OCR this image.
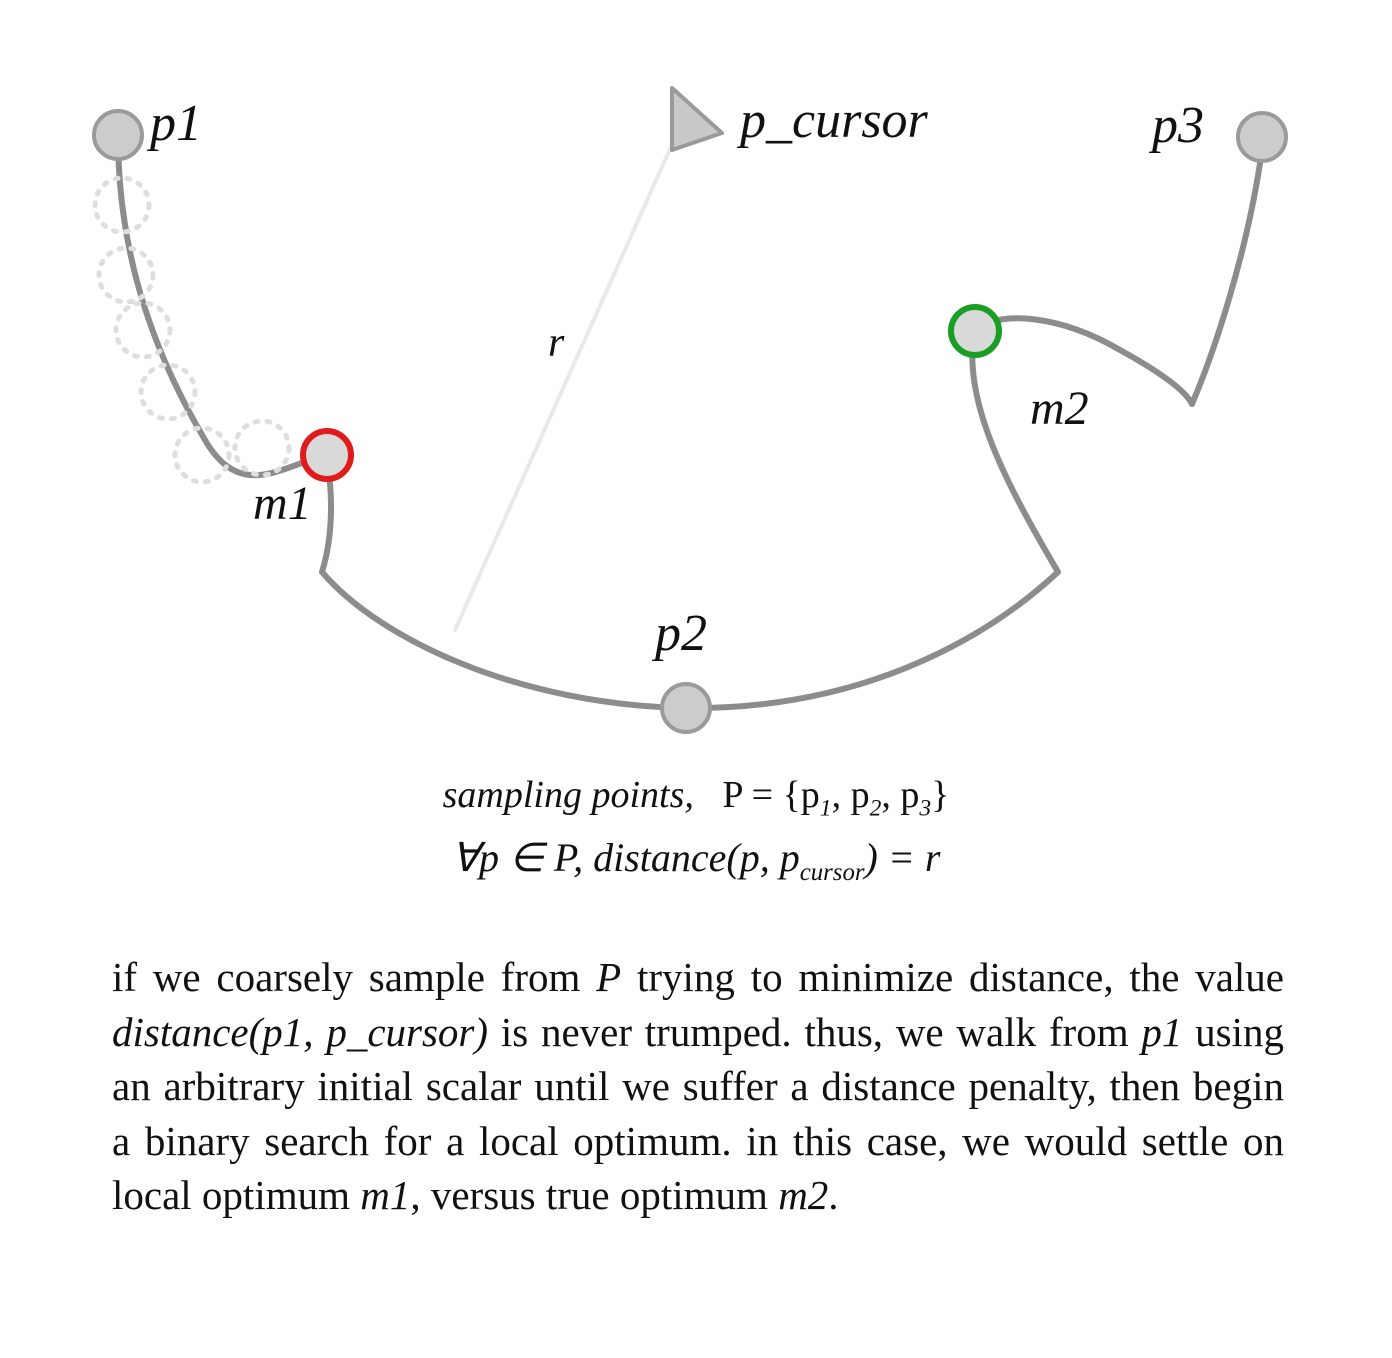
p1
p2
p3
p_cursor
m1
m2
r
sampling points, $P = \{p_1$, $p_2$, $p_3$}
∀p ∈ P, distance(p, $p_{cursor}) = r$
if we coarsely sample from P trying to minimize distance, the value distance(p1, p_cursor) is never trumped. thus, we walk from p1 using an arbitrary initial scalar until we suffer a distance penalty, then begin a binary search for a local optimum. in this case, we would settle on local optimum m1, versus true optimum m2.
